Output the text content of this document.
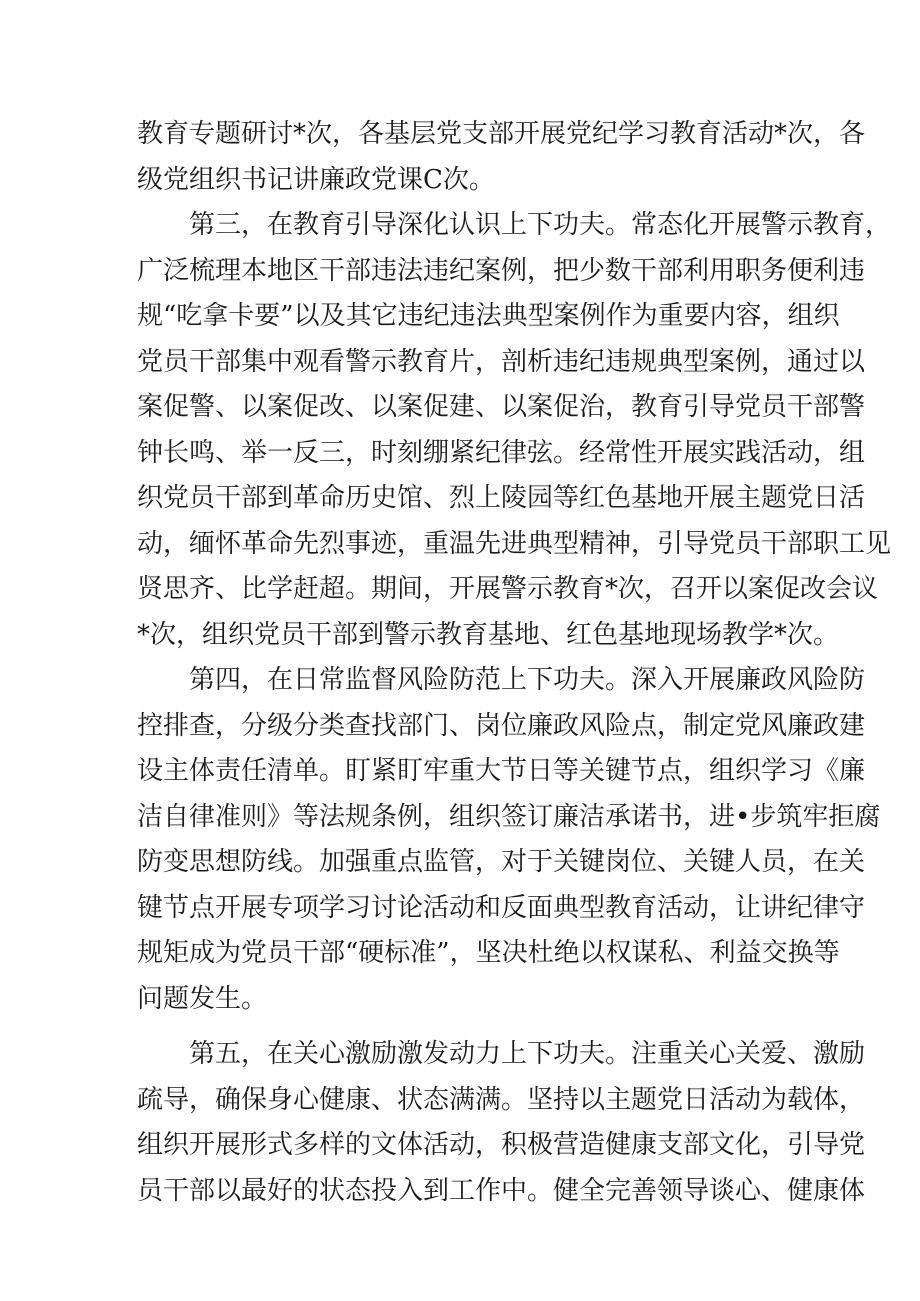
教育专题研讨*次，各基层党支部开展党纪学习教育活动*次，各
级党组织书记讲廉政党课C次。
第三，在教育引导深化认识上下功夫。常态化开展警示教育，
广泛梳理本地区干部违法违纪案例，把少数干部利用职务便利违
规“吃拿卡要”以及其它违纪违法典型案例作为重要内容，组织
党员干部集中观看警示教育片，剖析违纪违规典型案例，通过以
案促警、以案促改、以案促建、以案促治，教育引导党员干部警
钟长鸣、举一反三，时刻绷紧纪律弦。经常性开展实践活动，组
织党员干部到革命历史馆、烈上陵园等红色基地开展主题党日活
动，缅怀革命先烈事迹，重温先进典型精神，引导党员干部职工见
贤思齐、比学赶超。期间，开展警示教育*次，召开以案促改会议
*次，组织党员干部到警示教育基地、红色基地现场教学*次。
第四，在日常监督风险防范上下功夫。深入开展廉政风险防
控排查，分级分类查找部门、岗位廉政风险点，制定党风廉政建
设主体责任清单。盯紧盯牢重大节日等关键节点，组织学习《廉
洁自律准则》等法规条例，组织签订廉洁承诺书，进•步筑牢拒腐
防变思想防线。加强重点监管，对于关键岗位、关键人员，在关
键节点开展专项学习讨论活动和反面典型教育活动，让讲纪律守
规矩成为党员干部“硬标准”，坚决杜绝以权谋私、利益交换等
问题发生。
第五，在关心激励激发动力上下功夫。注重关心关爱、激励
疏导，确保身心健康、状态满满。坚持以主题党日活动为载体，
组织开展形式多样的文体活动，积极营造健康支部文化，引导党
员干部以最好的状态投入到工作中。健全完善领导谈心、健康体
